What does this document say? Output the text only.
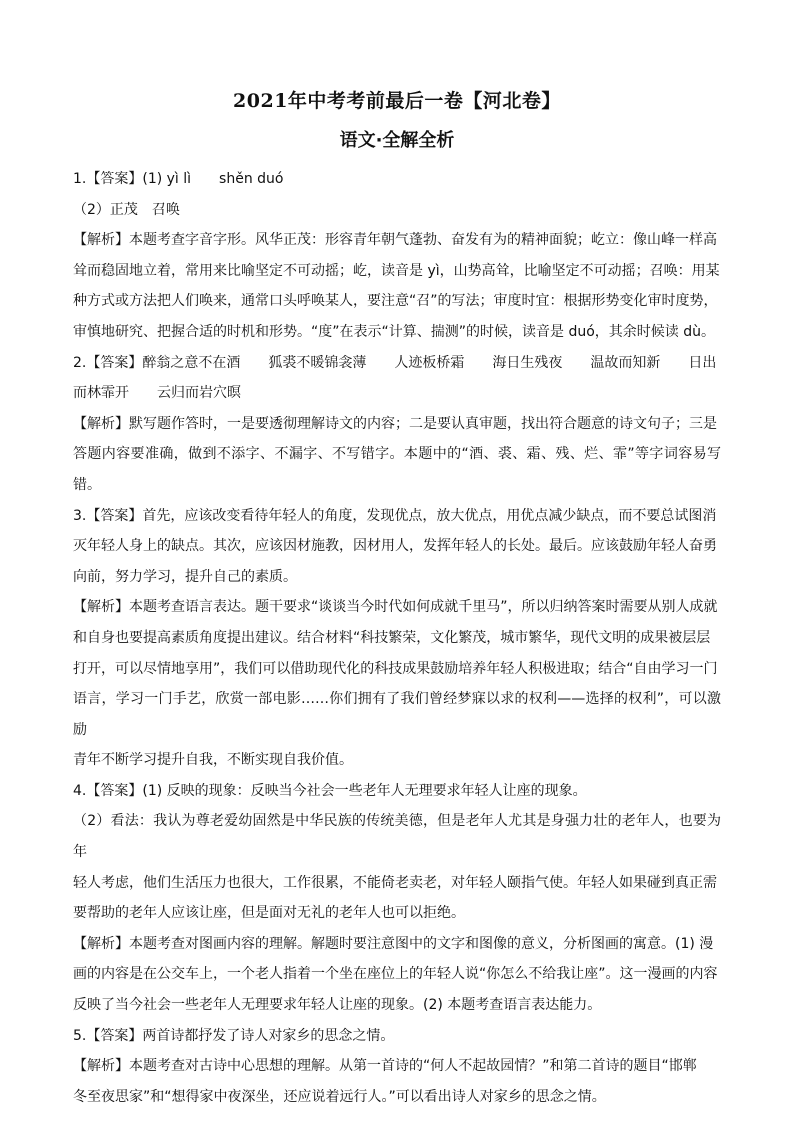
2021年中考考前最后一卷【河北卷】
语文·全解全析

1.【答案】(1) yì lì　　shěn duó

（2）正茂　召唤

【解析】本题考查字音字形。风华正茂：形容青年朝气蓬勃、奋发有为的精神面貌；屹立：像山峰一样高

耸而稳固地立着，常用来比喻坚定不可动摇；屹，读音是 yì，山势高耸，比喻坚定不可动摇；召唤：用某

种方式或方法把人们唤来，通常口头呼唤某人，要注意“召”的写法；审度时宜：根据形势变化审时度势，

审慎地研究、把握合适的时机和形势。“度”在表示“计算、揣测”的时候，读音是 duó，其余时候读 dù。

2.【答案】醉翁之意不在酒　　狐裘不暖锦衾薄　　人迹板桥霜　　海日生残夜　　温故而知新　　日出

而林霏开　　云归而岩穴暝

【解析】默写题作答时，一是要透彻理解诗文的内容；二是要认真审题，找出符合题意的诗文句子；三是

答题内容要准确，做到不添字、不漏字、不写错字。本题中的“酒、裘、霜、残、烂、霏”等字词容易写错。

3.【答案】首先，应该改变看待年轻人的角度，发现优点，放大优点，用优点减少缺点，而不要总试图消

灭年轻人身上的缺点。其次，应该因材施教，因材用人，发挥年轻人的长处。最后。应该鼓励年轻人奋勇

向前，努力学习，提升自己的素质。

【解析】本题考查语言表达。题干要求“谈谈当今时代如何成就千里马”，所以归纳答案时需要从别人成就

和自身也要提高素质角度提出建议。结合材料“科技繁荣，文化繁茂，城市繁华，现代文明的成果被层层

打开，可以尽情地享用”，我们可以借助现代化的科技成果鼓励培养年轻人积极进取；结合“自由学习一门

语言，学习一门手艺，欣赏一部电影……你们拥有了我们曾经梦寐以求的权利——选择的权利”，可以激励

青年不断学习提升自我，不断实现自我价值。

4.【答案】(1) 反映的现象：反映当今社会一些老年人无理要求年轻人让座的现象。

（2）看法：我认为尊老爱幼固然是中华民族的传统美德，但是老年人尤其是身强力壮的老年人，也要为年

轻人考虑，他们生活压力也很大，工作很累，不能倚老卖老，对年轻人颐指气使。年轻人如果碰到真正需

要帮助的老年人应该让座，但是面对无礼的老年人也可以拒绝。

【解析】本题考查对图画内容的理解。解题时要注意图中的文字和图像的意义，分析图画的寓意。(1) 漫

画的内容是在公交车上，一个老人指着一个坐在座位上的年轻人说“你怎么不给我让座”。这一漫画的内容

反映了当今社会一些老年人无理要求年轻人让座的现象。(2) 本题考查语言表达能力。

5.【答案】两首诗都抒发了诗人对家乡的思念之情。

【解析】本题考查对古诗中心思想的理解。从第一首诗的“何人不起故园情？”和第二首诗的题目“邯郸

冬至夜思家”和“想得家中夜深坐，还应说着远行人。”可以看出诗人对家乡的思念之情。
